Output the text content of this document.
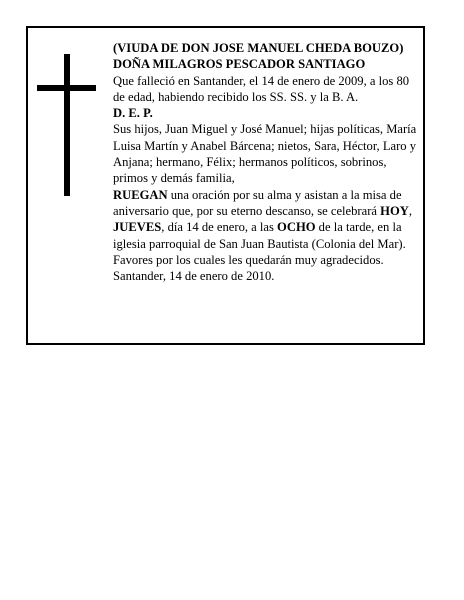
(VIUDA DE DON JOSE MANUEL CHEDA BOUZO)

DOÑA MILAGROS PESCADOR SANTIAGO

Que falleció en Santander, el 14 de enero de 2009, a los 80 de edad, habiendo recibido los SS. SS. y la B. A.

D. E. P.

Sus hijos, Juan Miguel y José Manuel; hijas políticas, María Luisa Martín y Anabel Bárcena; nietos, Sara, Héctor, Laro y Anjana; hermano, Félix; hermanos políticos, sobrinos, primos y demás familia,

RUEGAN una oración por su alma y asistan a la misa de aniversario que, por su eterno descanso, se celebrará HOY, JUEVES, día 14 de enero, a las OCHO de la tarde, en la iglesia parroquial de San Juan Bautista (Colonia del Mar). Favores por los cuales les quedarán muy agradecidos.

Santander, 14 de enero de 2010.
